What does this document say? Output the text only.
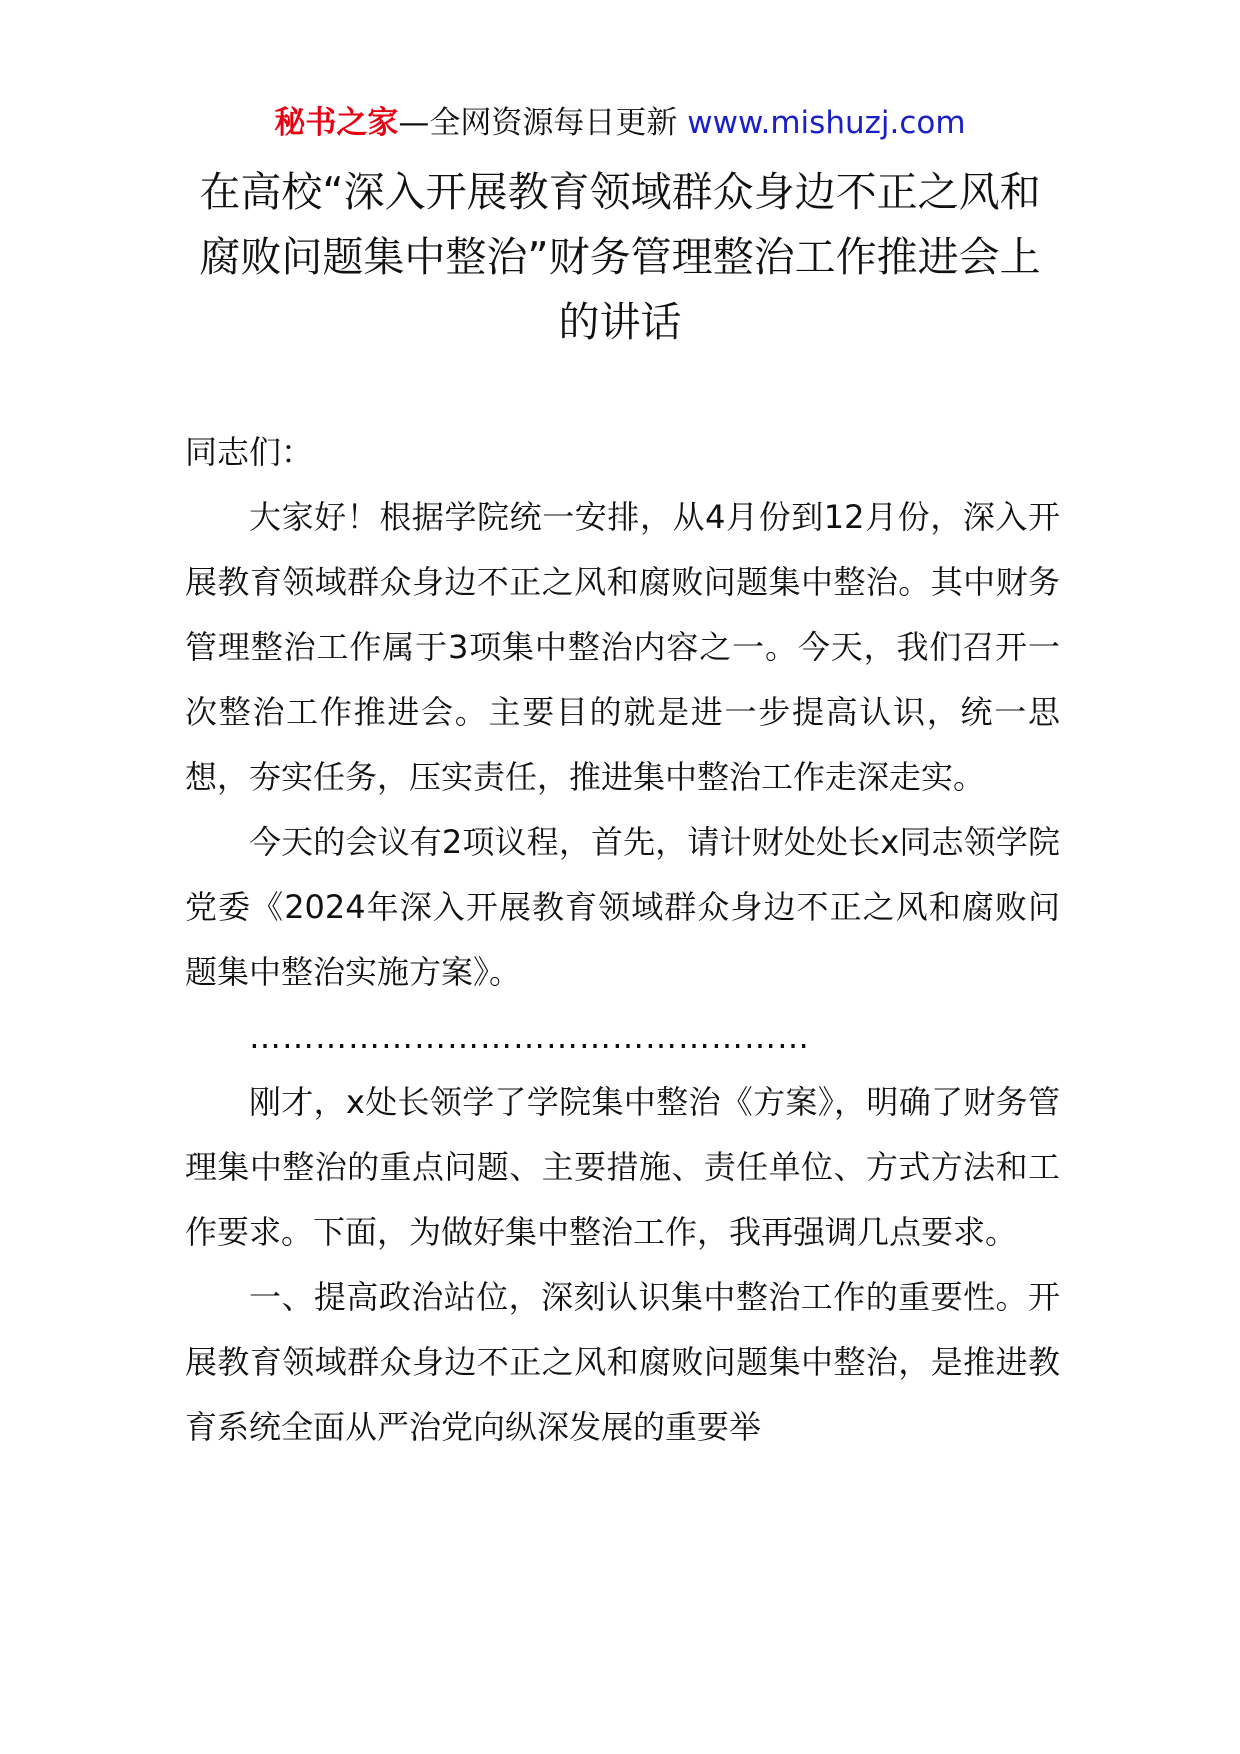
秘书之家—全网资源每日更新 www.mishuzj.com
在高校“深入开展教育领域群众身边不正之风和腐败问题集中整治”财务管理整治工作推进会上的讲话

同志们：

大家好！根据学院统一安排，从4月份到12月份，深入开展教育领域群众身边不正之风和腐败问题集中整治。其中财务管理整治工作属于3项集中整治内容之一。今天，我们召开一次整治工作推进会。主要目的就是进一步提高认识，统一思想，夯实任务，压实责任，推进集中整治工作走深走实。

今天的会议有2项议程，首先，请计财处处长x同志领学院党委《2024年深入开展教育领域群众身边不正之风和腐败问题集中整治实施方案》。

……………………………………………

刚才，x处长领学了学院集中整治《方案》，明确了财务管理集中整治的重点问题、主要措施、责任单位、方式方法和工作要求。下面，为做好集中整治工作，我再强调几点要求。

一、提高政治站位，深刻认识集中整治工作的重要性。开展教育领域群众身边不正之风和腐败问题集中整治，是推进教育系统全面从严治党向纵深发展的重要举
